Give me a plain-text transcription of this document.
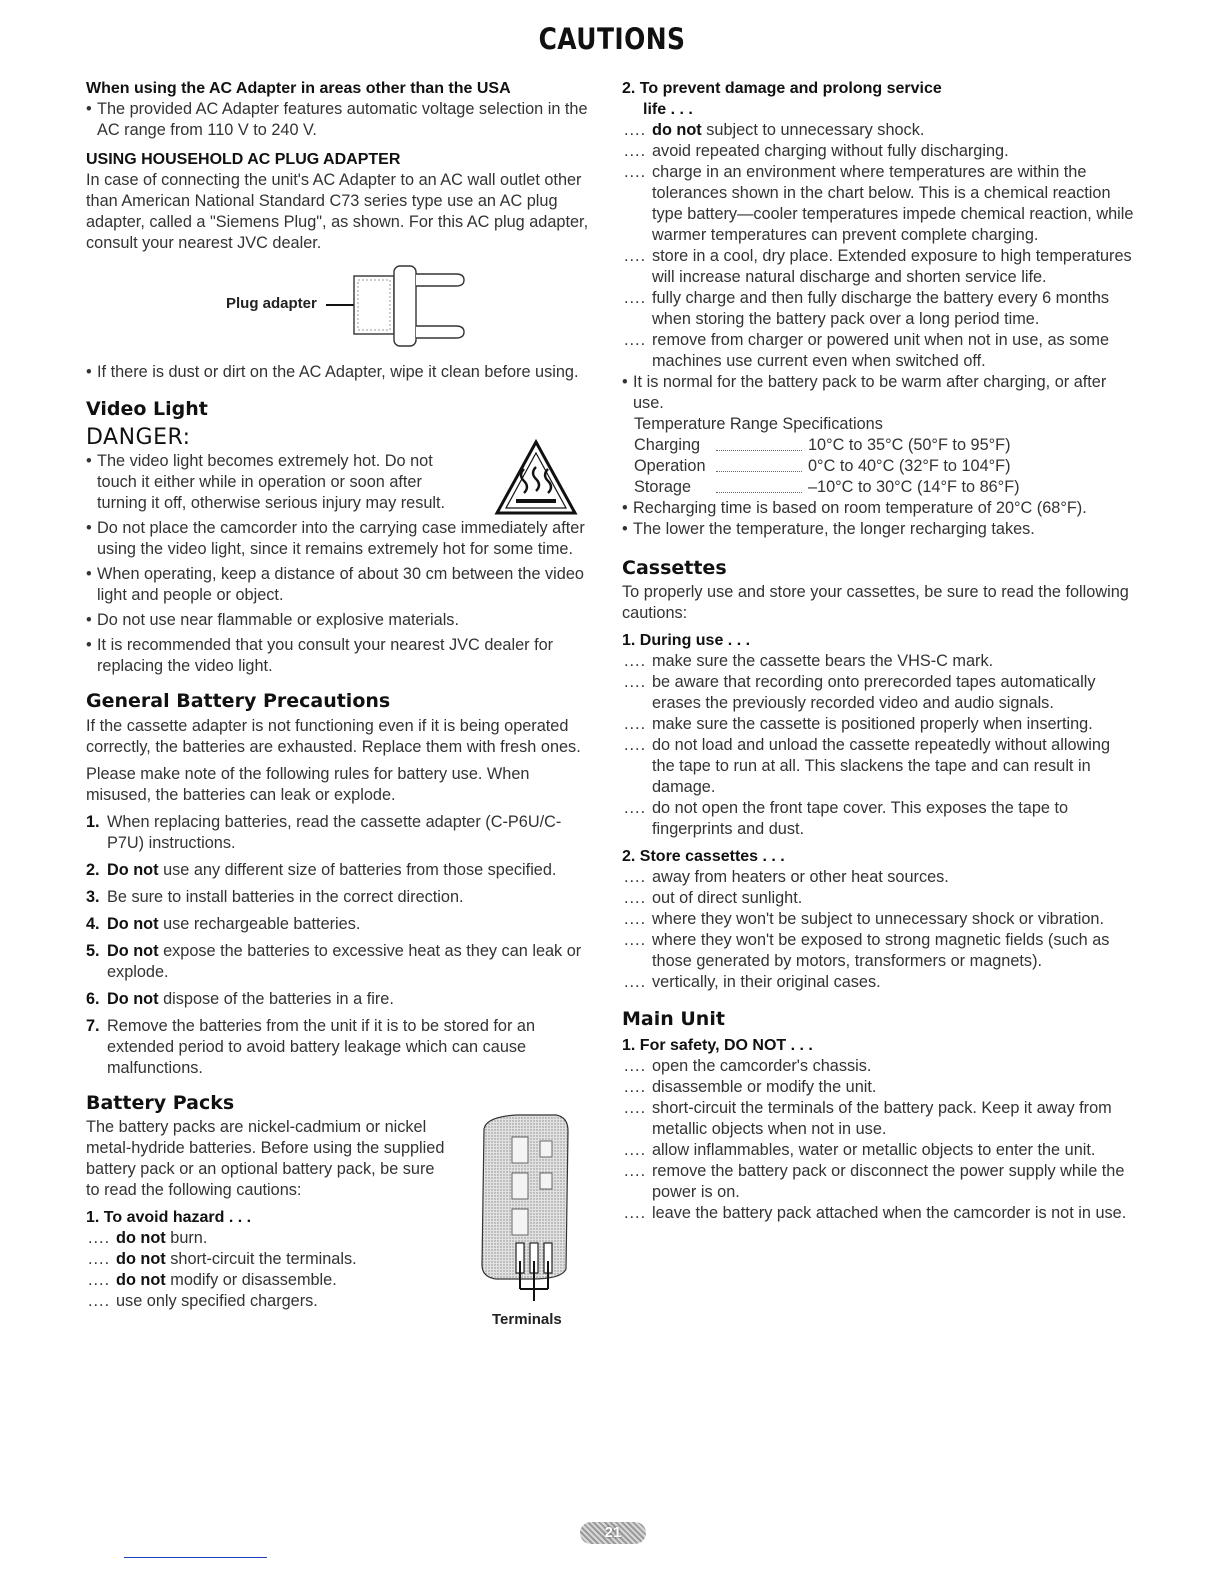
CAUTIONS

When using the AC Adapter in areas other than the USA

• The provided AC Adapter features automatic voltage selection in the AC range from 110 V to 240 V.

USING HOUSEHOLD AC PLUG ADAPTER

In case of connecting the unit's AC Adapter to an AC wall outlet other than American National Standard C73 series type use an AC plug adapter, called a "Siemens Plug", as shown. For this AC plug adapter, consult your nearest JVC dealer.

Plug adapter

• If there is dust or dirt on the AC Adapter, wipe it clean before using.

Video Light

DANGER:

• The video light becomes extremely hot. Do not touch it either while in operation or soon after turning it off, otherwise serious injury may result.

• Do not place the camcorder into the carrying case immediately after using the video light, since it remains extremely hot for some time.

• When operating, keep a distance of about 30 cm between the video light and people or object.

• Do not use near flammable or explosive materials.

• It is recommended that you consult your nearest JVC dealer for replacing the video light.

General Battery Precautions

If the cassette adapter is not functioning even if it is being operated correctly, the batteries are exhausted. Replace them with fresh ones.

Please make note of the following rules for battery use. When misused, the batteries can leak or explode.

1. When replacing batteries, read the cassette adapter (C-P6U/C-P7U) instructions.

2. Do not use any different size of batteries from those specified.

3. Be sure to install batteries in the correct direction.

4. Do not use rechargeable batteries.

5. Do not expose the batteries to excessive heat as they can leak or explode.

6. Do not dispose of the batteries in a fire.

7. Remove the batteries from the unit if it is to be stored for an extended period to avoid battery leakage which can cause malfunctions.

Battery Packs

The battery packs are nickel-cadmium or nickel metal-hydride batteries. Before using the supplied battery pack or an optional battery pack, be sure to read the following cautions:

1. To avoid hazard . . .

.... do not burn.

.... do not short-circuit the terminals.

.... do not modify or disassemble.

.... use only specified chargers.

Terminals

2. To prevent damage and prolong service

life . . .

.... do not subject to unnecessary shock.

.... avoid repeated charging without fully discharging.

.... charge in an environment where temperatures are within the tolerances shown in the chart below. This is a chemical reaction type battery—cooler temperatures impede chemical reaction, while warmer temperatures can prevent complete charging.

.... store in a cool, dry place. Extended exposure to high temperatures will increase natural discharge and shorten service life.

.... fully charge and then fully discharge the battery every 6 months when storing the battery pack over a long period time.

.... remove from charger or powered unit when not in use, as some machines use current even when switched off.

• It is normal for the battery pack to be warm after charging, or after use.

Temperature Range Specifications

Charging	10°C to 35°C (50°F to 95°F)
Operation	0°C to 40°C (32°F to 104°F)
Storage	–10°C to 30°C (14°F to 86°F)

• Recharging time is based on room temperature of 20°C (68°F).

• The lower the temperature, the longer recharging takes.

Cassettes

To properly use and store your cassettes, be sure to read the following cautions:

1. During use . . .

.... make sure the cassette bears the VHS-C mark.

.... be aware that recording onto prerecorded tapes automatically erases the previously recorded video and audio signals.

.... make sure the cassette is positioned properly when inserting.

.... do not load and unload the cassette repeatedly without allowing the tape to run at all. This slackens the tape and can result in damage.

.... do not open the front tape cover. This exposes the tape to fingerprints and dust.

2. Store cassettes . . .

.... away from heaters or other heat sources.

.... out of direct sunlight.

.... where they won't be subject to unnecessary shock or vibration.

.... where they won't be exposed to strong magnetic fields (such as those generated by motors, transformers or magnets).

.... vertically, in their original cases.

Main Unit

1. For safety, DO NOT . . .

.... open the camcorder's chassis.

.... disassemble or modify the unit.

.... short-circuit the terminals of the battery pack. Keep it away from metallic objects when not in use.

.... allow inflammables, water or metallic objects to enter the unit.

.... remove the battery pack or disconnect the power supply while the power is on.

.... leave the battery pack attached when the camcorder is not in use.

21
